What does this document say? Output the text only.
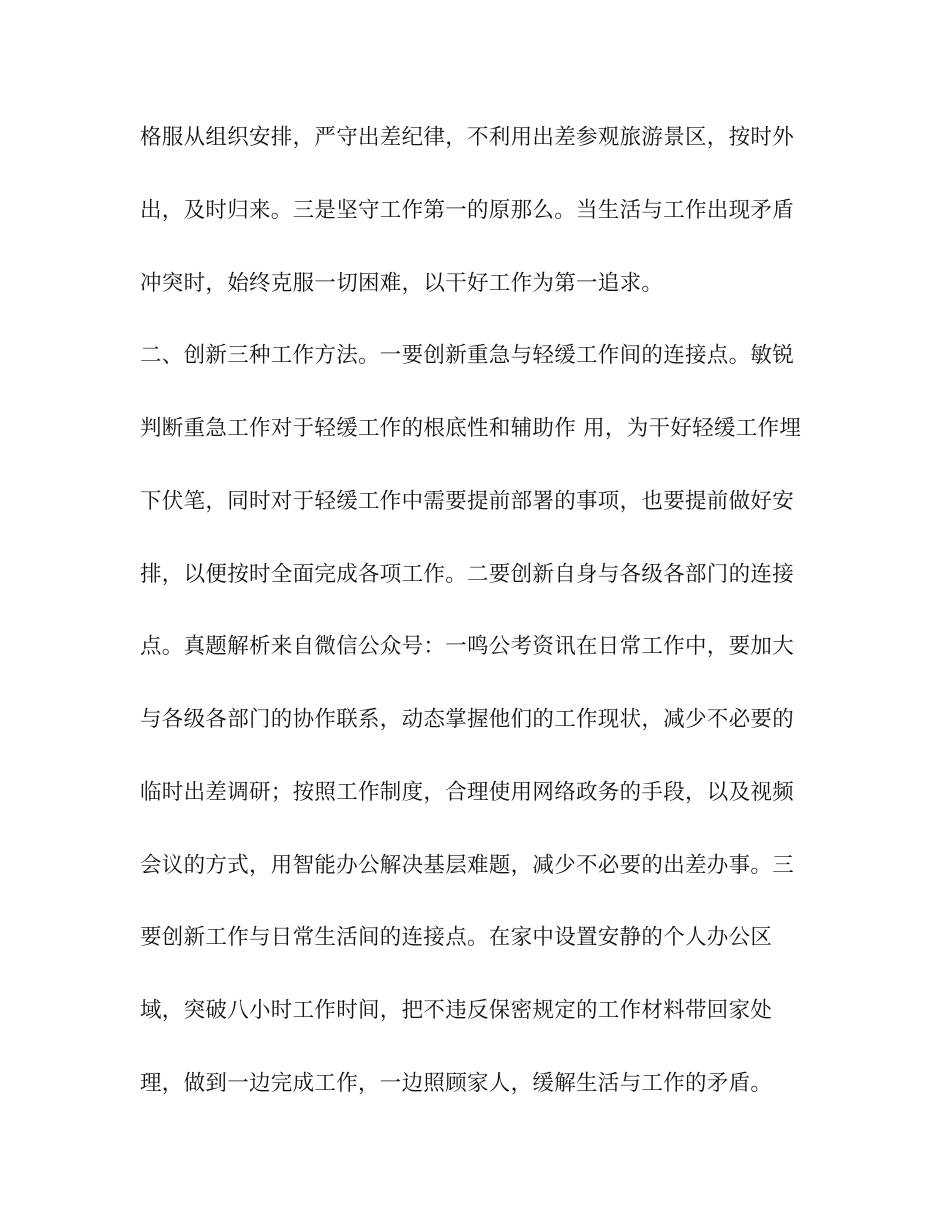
格服从组织安排，严守出差纪律，不利用出差参观旅游景区，按时外
出，及时归来。三是坚守工作第一的原那么。当生活与工作出现矛盾
冲突时，始终克服一切困难，以干好工作为第一追求。
二、创新三种工作方法。一要创新重急与轻缓工作间的连接点。敏锐
判断重急工作对于轻缓工作的根底性和辅助作 用，为干好轻缓工作埋
下伏笔，同时对于轻缓工作中需要提前部署的事项，也要提前做好安
排，以便按时全面完成各项工作。二要创新自身与各级各部门的连接
点。真题解析来自微信公众号：一鸣公考资讯在日常工作中，要加大
与各级各部门的协作联系，动态掌握他们的工作现状，减少不必要的
临时出差调研；按照工作制度，合理使用网络政务的手段，以及视频
会议的方式，用智能办公解决基层难题，减少不必要的出差办事。三
要创新工作与日常生活间的连接点。在家中设置安静的个人办公区
域，突破八小时工作时间，把不违反保密规定的工作材料带回家处
理，做到一边完成工作，一边照顾家人，缓解生活与工作的矛盾。
